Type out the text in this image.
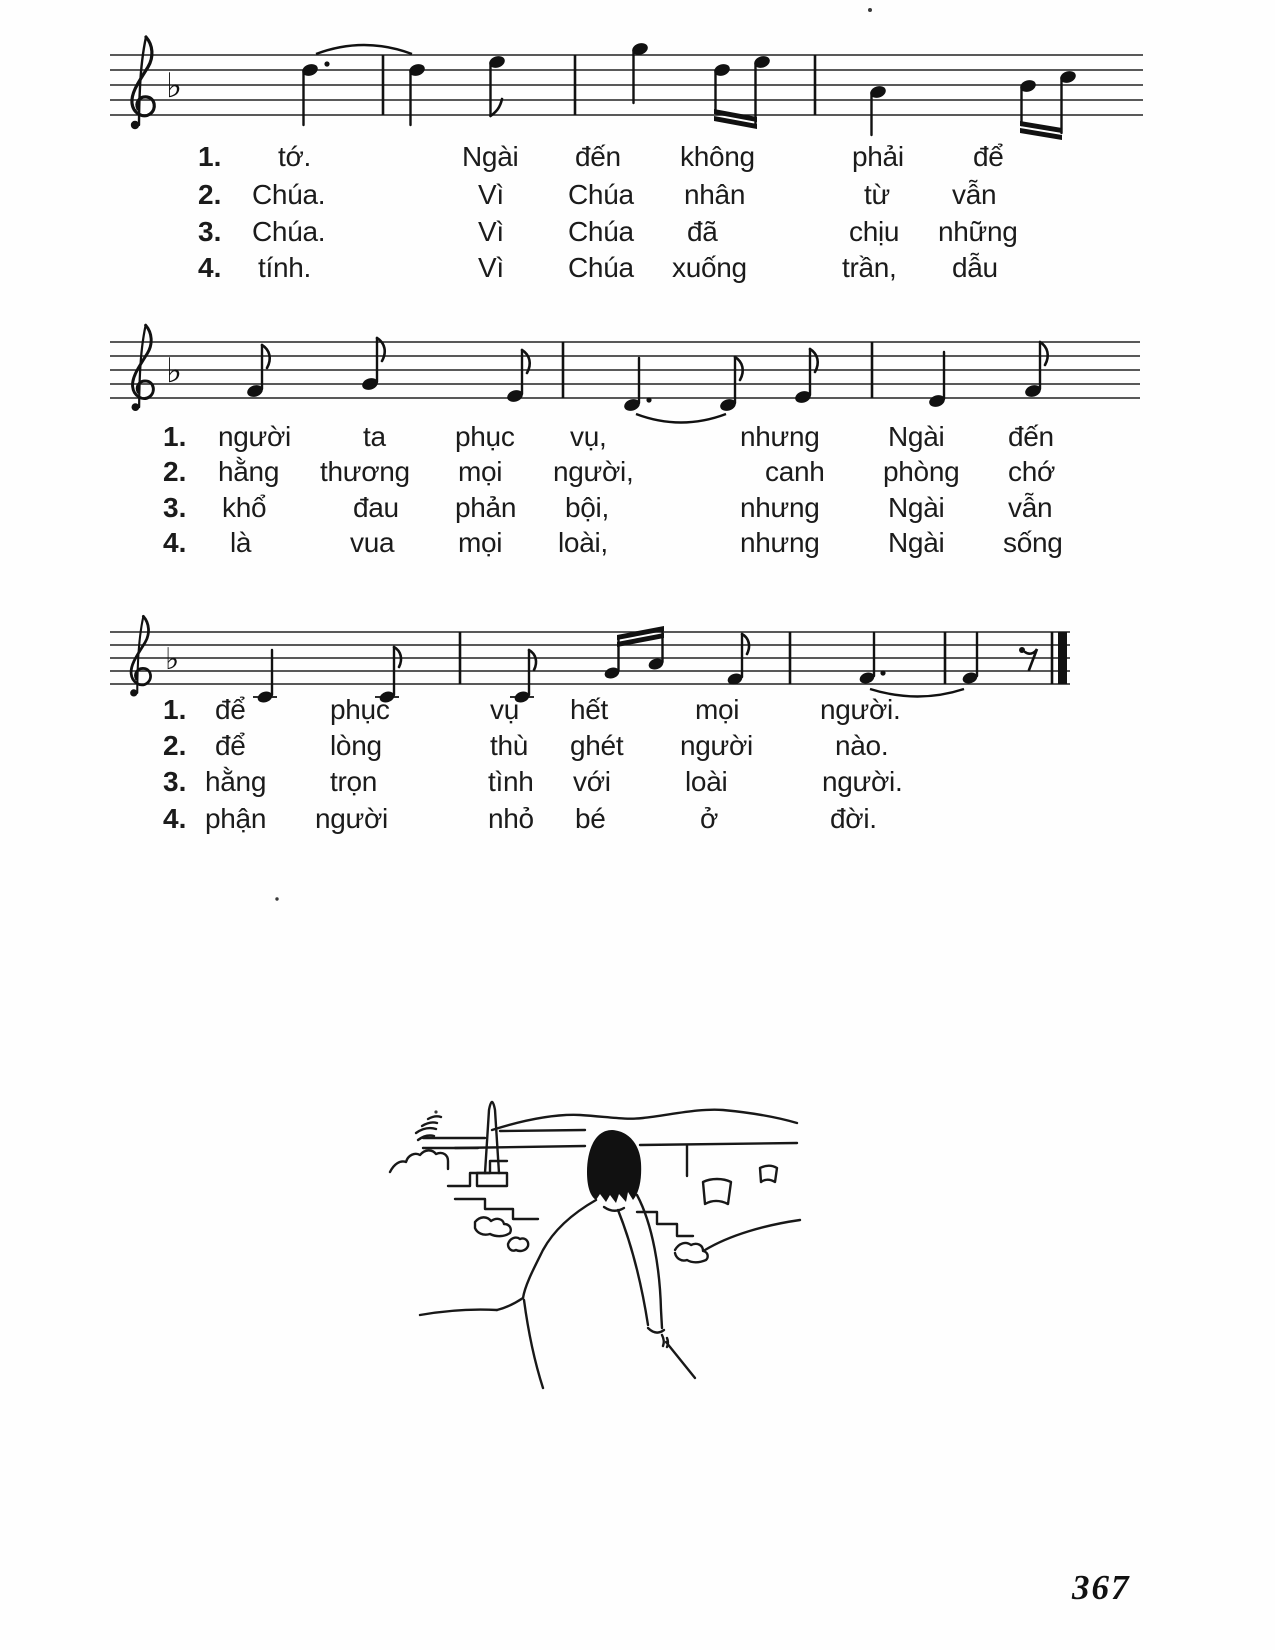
♭
♭
♭
1. tớ.	Ngài đến không	phải để
2. Chúa.	Vì Chúa nhân	từ vẫn
3. Chúa.	Vì Chúa đã	chịu những
4. tính.	Vì Chúa xuống	trần, dẫu
1. người	ta phục vụ,	nhưng Ngài đến
2. hằng thương mọi người,	canh phòng chớ
3. khổ	đau phản bội,	nhưng Ngài vẫn
4. là	vua mọi loài,	nhưng Ngài sống
1. để	phục	vụ hết	mọi	người.
2. để	lòng	thù ghét người	nào.
3. hằng trọn	tình với	loài	người.
4. phận người	nhỏ bé	ở	đời.
367
